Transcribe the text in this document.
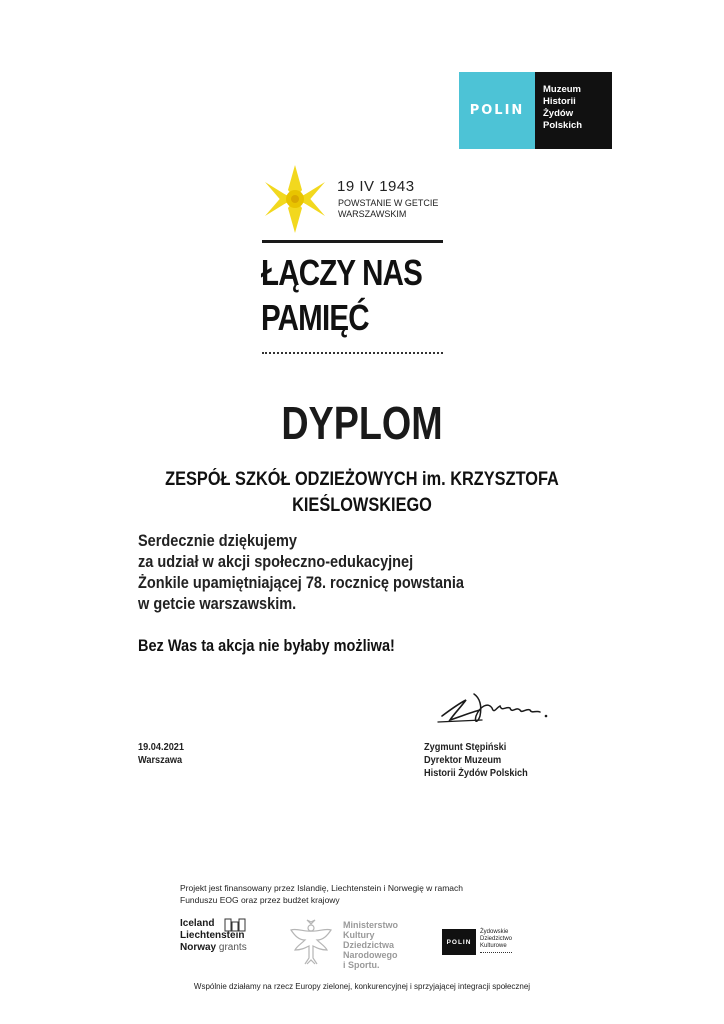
POLIN
Muzeum
Historii
Żydów
Polskich
19 IV 1943
POWSTANIE W GETCIE
WARSZAWSKIM
ŁĄCZY NAS
PAMIĘĆ
DYPLOM
ZESPÓŁ SZKÓŁ ODZIEŻOWYCH im. KRZYSZTOFA
KIEŚLOWSKIEGO
Serdecznie dziękujemy
za udział w akcji społeczno-edukacyjnej
Żonkile upamiętniającej 78. rocznicę powstania
w getcie warszawskim.
Bez Was ta akcja nie byłaby możliwa!
19.04.2021
Warszawa
Zygmunt Stępiński
Dyrektor Muzeum
Historii Żydów Polskich
Projekt jest finansowany przez Islandię, Liechtenstein i Norwegię w ramach
Funduszu EOG oraz przez budżet krajowy
Iceland
Liechtenstein
Norway grants
Ministerstwo
Kultury
Dziedzictwa
Narodowego
i Sportu.
POLIN
Żydowskie
Dziedzictwo
Kulturowe
Wspólnie działamy na rzecz Europy zielonej, konkurencyjnej i sprzyjającej integracji społecznej
